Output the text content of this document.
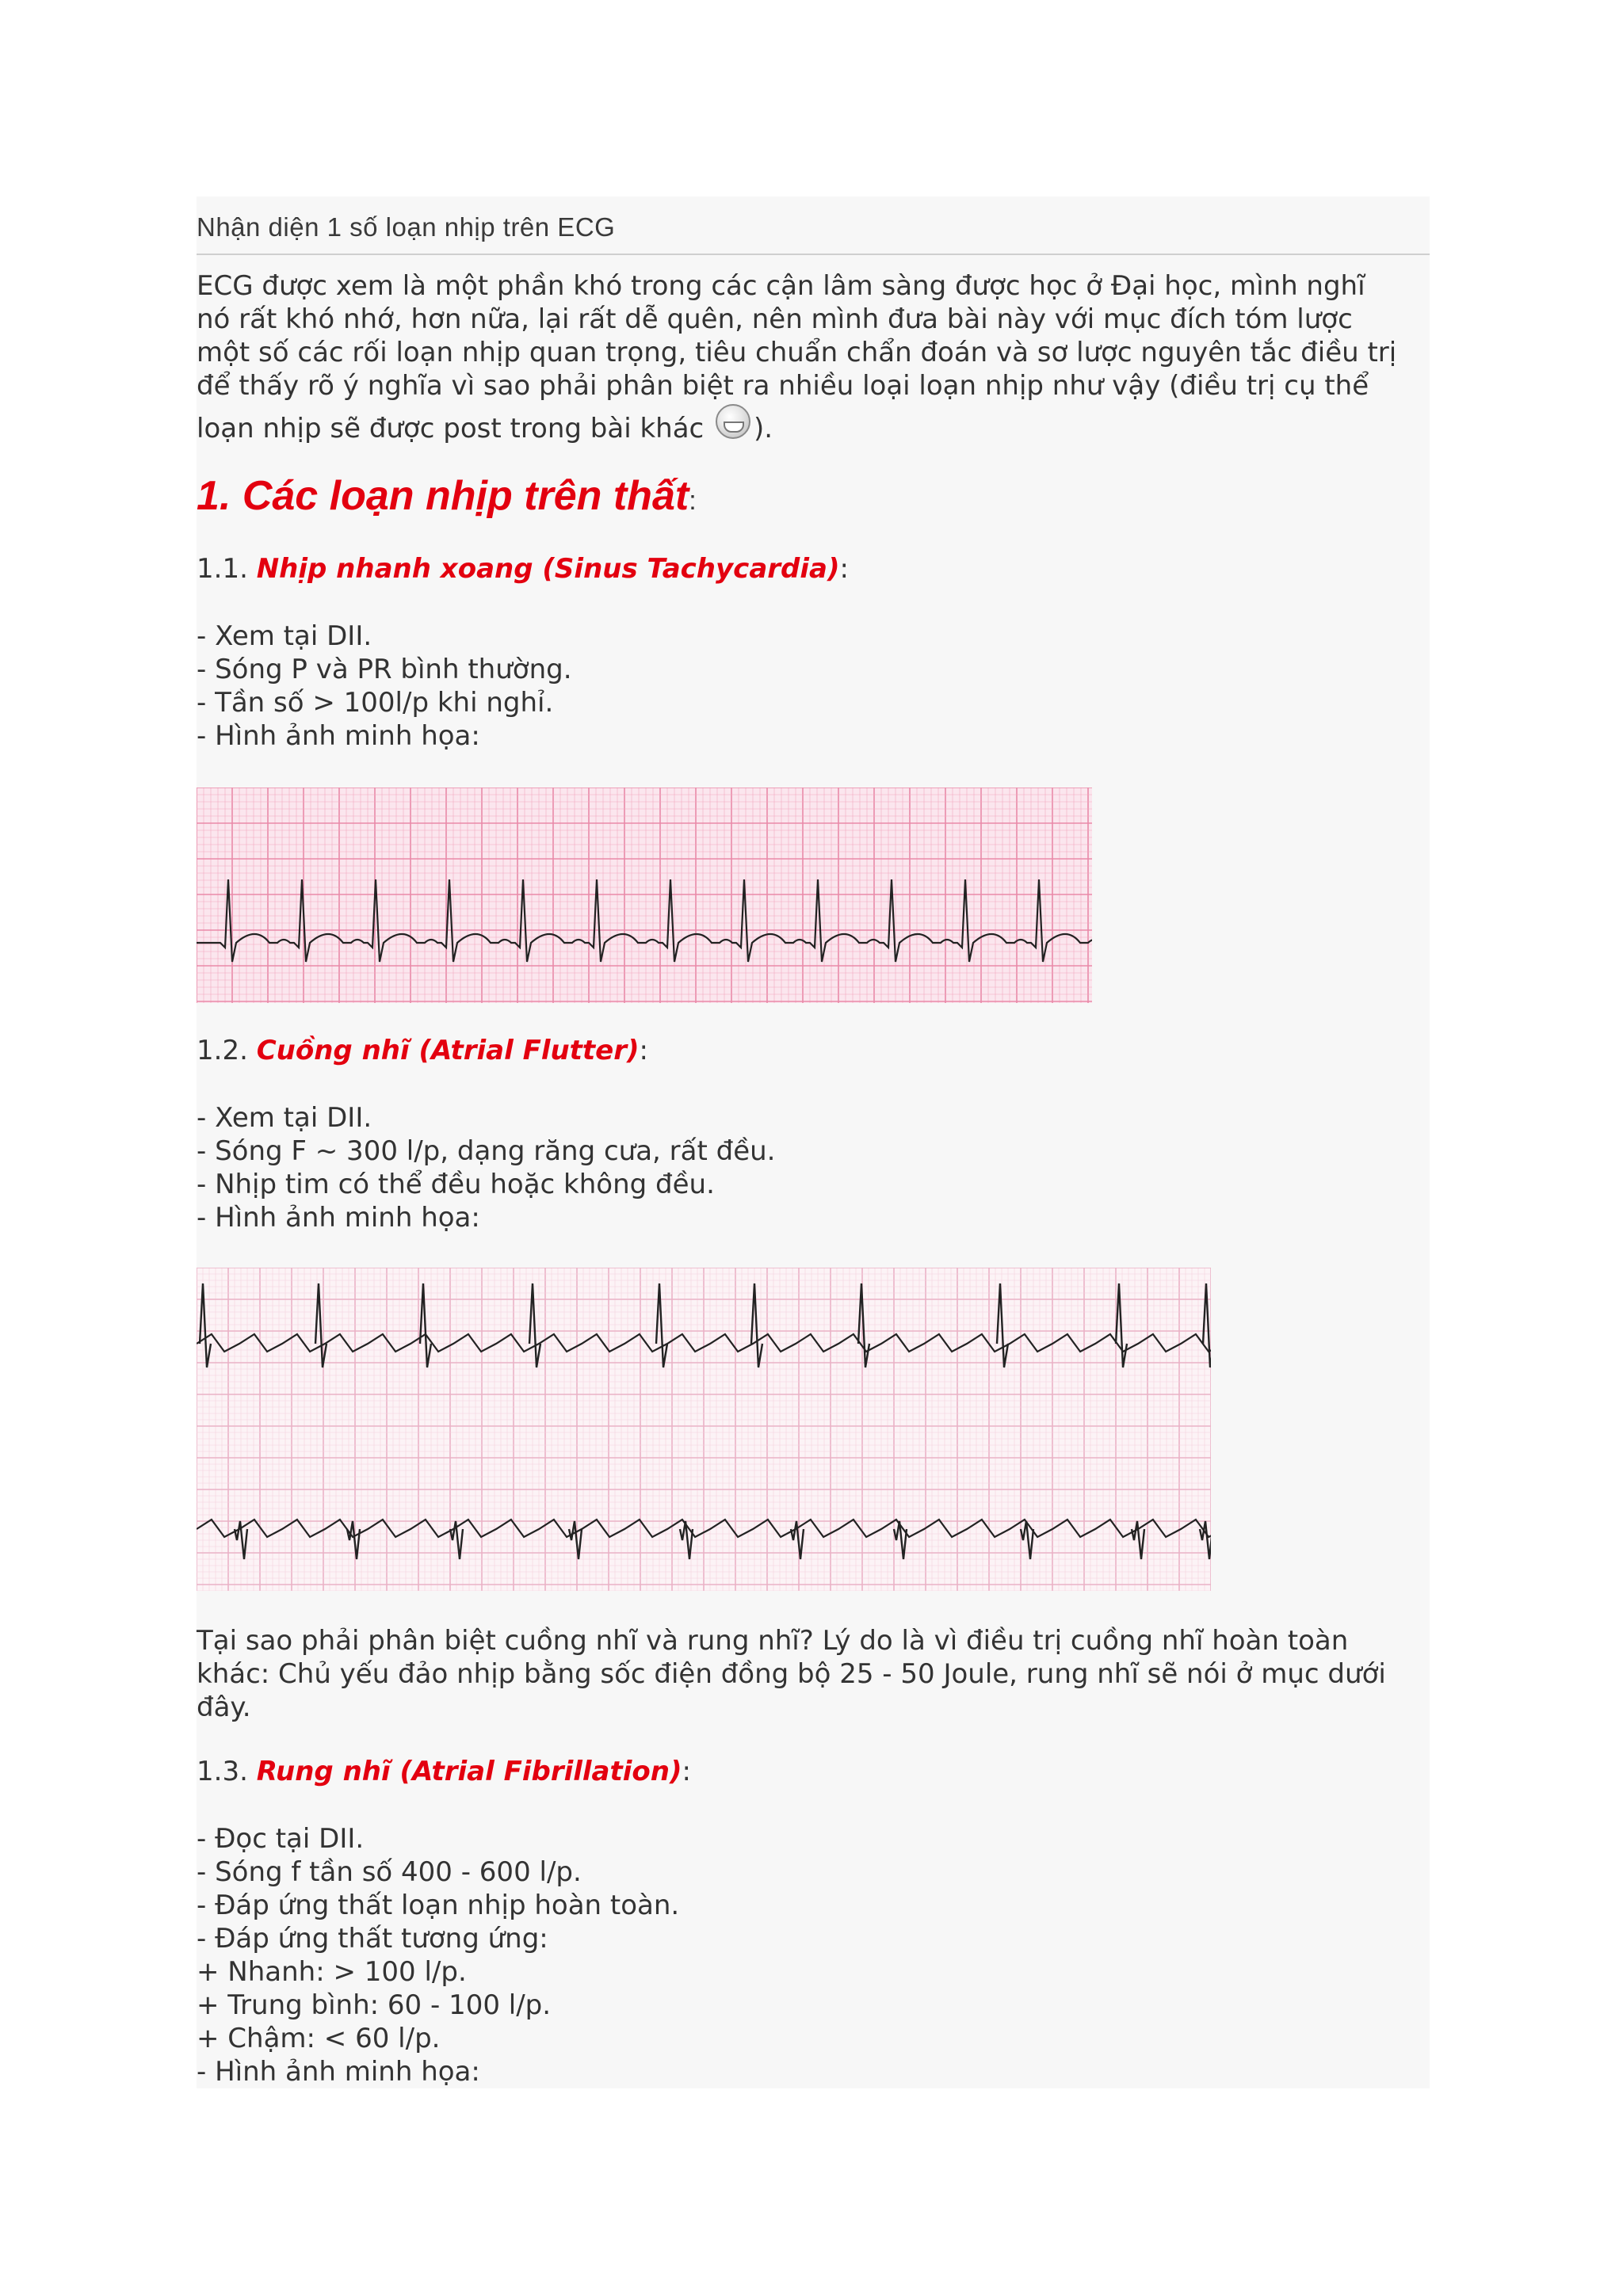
Nhận diện 1 số loạn nhịp trên ECG
ECG được xem là một phần khó trong các cận lâm sàng được học ở Đại học, mình nghĩ
nó rất khó nhớ, hơn nữa, lại rất dễ quên, nên mình đưa bài này với mục đích tóm lược
một số các rối loạn nhịp quan trọng, tiêu chuẩn chẩn đoán và sơ lược nguyên tắc điều trị
để thấy rõ ý nghĩa vì sao phải phân biệt ra nhiều loại loạn nhịp như vậy (điều trị cụ thể
loạn nhịp sẽ được post trong bài khác ).
1. Các loạn nhịp trên thất:
1.1. Nhịp nhanh xoang (Sinus Tachycardia):
- Xem tại DII.
- Sóng P và PR bình thường.
- Tần số > 100l/p khi nghỉ.
- Hình ảnh minh họa:
1.2. Cuồng nhĩ (Atrial Flutter):
- Xem tại DII.
- Sóng F ~ 300 l/p, dạng răng cưa, rất đều.
- Nhịp tim có thể đều hoặc không đều.
- Hình ảnh minh họa:
Tại sao phải phân biệt cuồng nhĩ và rung nhĩ? Lý do là vì điều trị cuồng nhĩ hoàn toàn
khác: Chủ yếu đảo nhịp bằng sốc điện đồng bộ 25 - 50 Joule, rung nhĩ sẽ nói ở mục dưới
đây.
1.3. Rung nhĩ (Atrial Fibrillation):
- Đọc tại DII.
- Sóng f tần số 400 - 600 l/p.
- Đáp ứng thất loạn nhịp hoàn toàn.
- Đáp ứng thất tương ứng:
+ Nhanh: > 100 l/p.
+ Trung bình: 60 - 100 l/p.
+ Chậm: < 60 l/p.
- Hình ảnh minh họa:
